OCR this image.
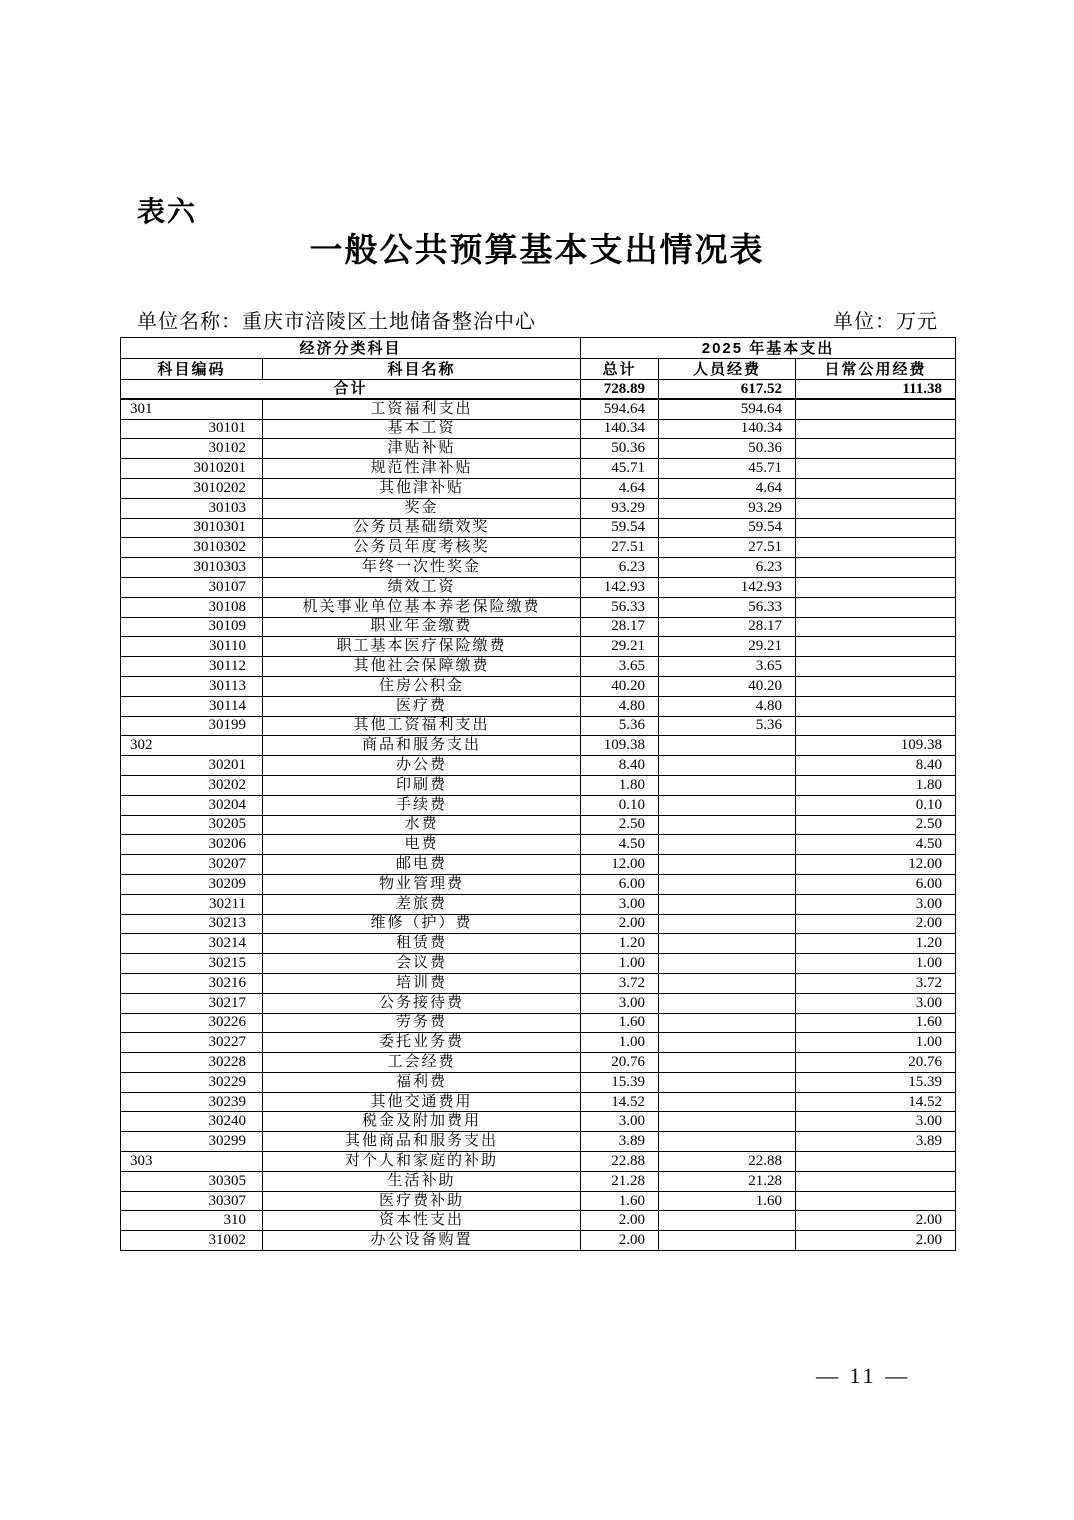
表六
一般公共预算基本支出情况表
单位名称：重庆市涪陵区土地储备整治中心	单位：万元
经济分类科目		2025 年基本支出		
科目编码	科目名称	总计	人员经费	日常公用经费
合计		728.89	617.52	111.38
301	工资福利支出	594.64	594.64	
30101	基本工资	140.34	140.34	
30102	津贴补贴	50.36	50.36	
3010201	规范性津补贴	45.71	45.71	
3010202	其他津补贴	4.64	4.64	
30103	奖金	93.29	93.29	
3010301	公务员基础绩效奖	59.54	59.54	
3010302	公务员年度考核奖	27.51	27.51	
3010303	年终一次性奖金	6.23	6.23	
30107	绩效工资	142.93	142.93	
30108	机关事业单位基本养老保险缴费	56.33	56.33	
30109	职业年金缴费	28.17	28.17	
30110	职工基本医疗保险缴费	29.21	29.21	
30112	其他社会保障缴费	3.65	3.65	
30113	住房公积金	40.20	40.20	
30114	医疗费	4.80	4.80	
30199	其他工资福利支出	5.36	5.36	
302	商品和服务支出	109.38		109.38
30201	办公费	8.40		8.40
30202	印刷费	1.80		1.80
30204	手续费	0.10		0.10
30205	水费	2.50		2.50
30206	电费	4.50		4.50
30207	邮电费	12.00		12.00
30209	物业管理费	6.00		6.00
30211	差旅费	3.00		3.00
30213	维修（护）费	2.00		2.00
30214	租赁费	1.20		1.20
30215	会议费	1.00		1.00
30216	培训费	3.72		3.72
30217	公务接待费	3.00		3.00
30226	劳务费	1.60		1.60
30227	委托业务费	1.00		1.00
30228	工会经费	20.76		20.76
30229	福利费	15.39		15.39
30239	其他交通费用	14.52		14.52
30240	税金及附加费用	3.00		3.00
30299	其他商品和服务支出	3.89		3.89
303	对个人和家庭的补助	22.88	22.88	
30305	生活补助	21.28	21.28	
30307	医疗费补助	1.60	1.60	
310	资本性支出	2.00		2.00
31002	办公设备购置	2.00		2.00
— 11 —
